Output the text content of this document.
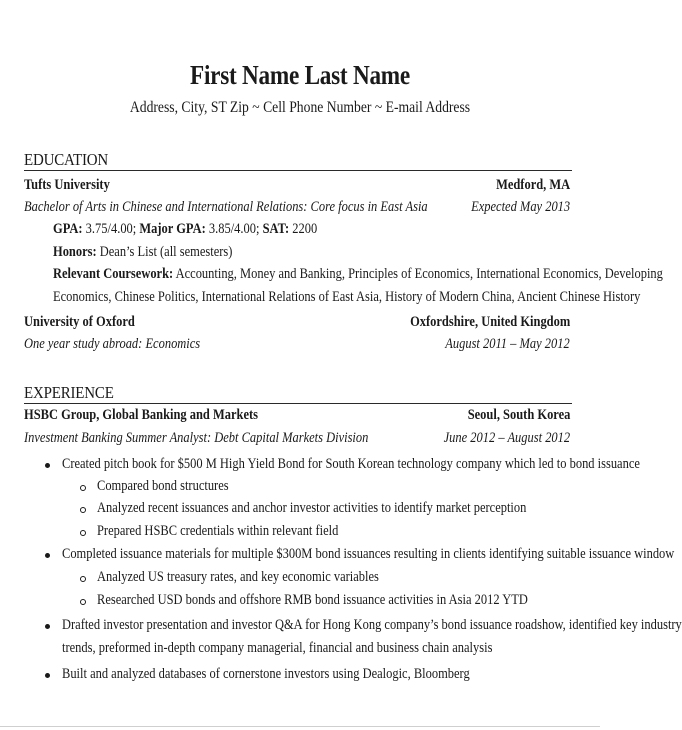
First Name Last Name
Address, City, ST Zip ~ Cell Phone Number ~ E-mail Address
EDUCATION
Tufts University	Medford, MA
Bachelor of Arts in Chinese and International Relations: Core focus in East Asia	Expected May 2013
GPA: 3.75/4.00; Major GPA: 3.85/4.00; SAT: 2200
Honors: Dean’s List (all semesters)
Relevant Coursework: Accounting, Money and Banking, Principles of Economics, International Economics, Developing
Economics, Chinese Politics, International Relations of East Asia, History of Modern China, Ancient Chinese History
University of Oxford	Oxfordshire, United Kingdom
One year study abroad: Economics	August 2011 – May 2012
EXPERIENCE
HSBC Group, Global Banking and Markets	Seoul, South Korea
Investment Banking Summer Analyst: Debt Capital Markets Division	June 2012 – August 2012
Created pitch book for $500 M High Yield Bond for South Korean technology company which led to bond issuance
Compared bond structures
Analyzed recent issuances and anchor investor activities to identify market perception
Prepared HSBC credentials within relevant field
Completed issuance materials for multiple $300M bond issuances resulting in clients identifying suitable issuance window
Analyzed US treasury rates, and key economic variables
Researched USD bonds and offshore RMB bond issuance activities in Asia 2012 YTD
Drafted investor presentation and investor Q&A for Hong Kong company’s bond issuance roadshow, identified key industry
trends, preformed in-depth company managerial, financial and business chain analysis
Built and analyzed databases of cornerstone investors using Dealogic, Bloomberg
